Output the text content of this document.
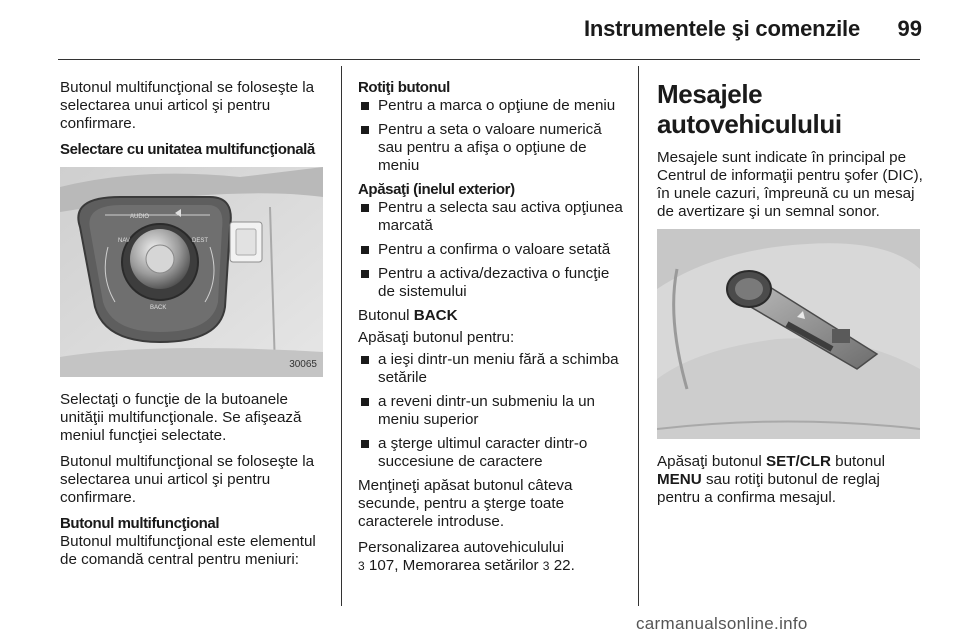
Instrumentele şi comenzile 99

Butonul multifuncţional se foloseşte la selectarea unui articol şi pentru confirmare.

Selectare cu unitatea multifuncţională
AUDIO
NAV	DEST
BACK
30065

Selectaţi o funcţie de la butoanele unităţii multifuncţionale. Se afişează meniul funcţiei selectate.

Butonul multifuncţional se foloseşte la selectarea unui articol şi pentru confirmare.

Butonul multifuncţional

Butonul multifuncţional este elementul de comandă central pentru meniuri:

Rotiţi butonul
Pentru a marca o opţiune de meniu
Pentru a seta o valoare numerică sau pentru a afişa o opţiune de meniu
Apăsaţi (inelul exterior)
Pentru a selecta sau activa opţiunea marcată
Pentru a confirma o valoare setată
Pentru a activa/dezactiva o funcţie de sistemului

Butonul BACK

Apăsaţi butonul pentru:

a ieşi dintr-un meniu fără a schimba setările
a reveni dintr-un submeniu la un meniu superior
a şterge ultimul caracter dintr-o succesiune de caractere

Menţineţi apăsat butonul câteva secunde, pentru a şterge toate caracterele introduse.

Personalizarea autovehiculului
3 107, Memorarea setărilor 3 22.

Mesajele autovehiculului

Mesajele sunt indicate în principal pe Centrul de informaţii pentru şofer (DIC), în unele cazuri, împreună cu un mesaj de avertizare şi un semnal sonor.

Apăsaţi butonul SET/CLR butonul MENU sau rotiţi butonul de reglaj pentru a confirma mesajul.

carmanualsonline.info
